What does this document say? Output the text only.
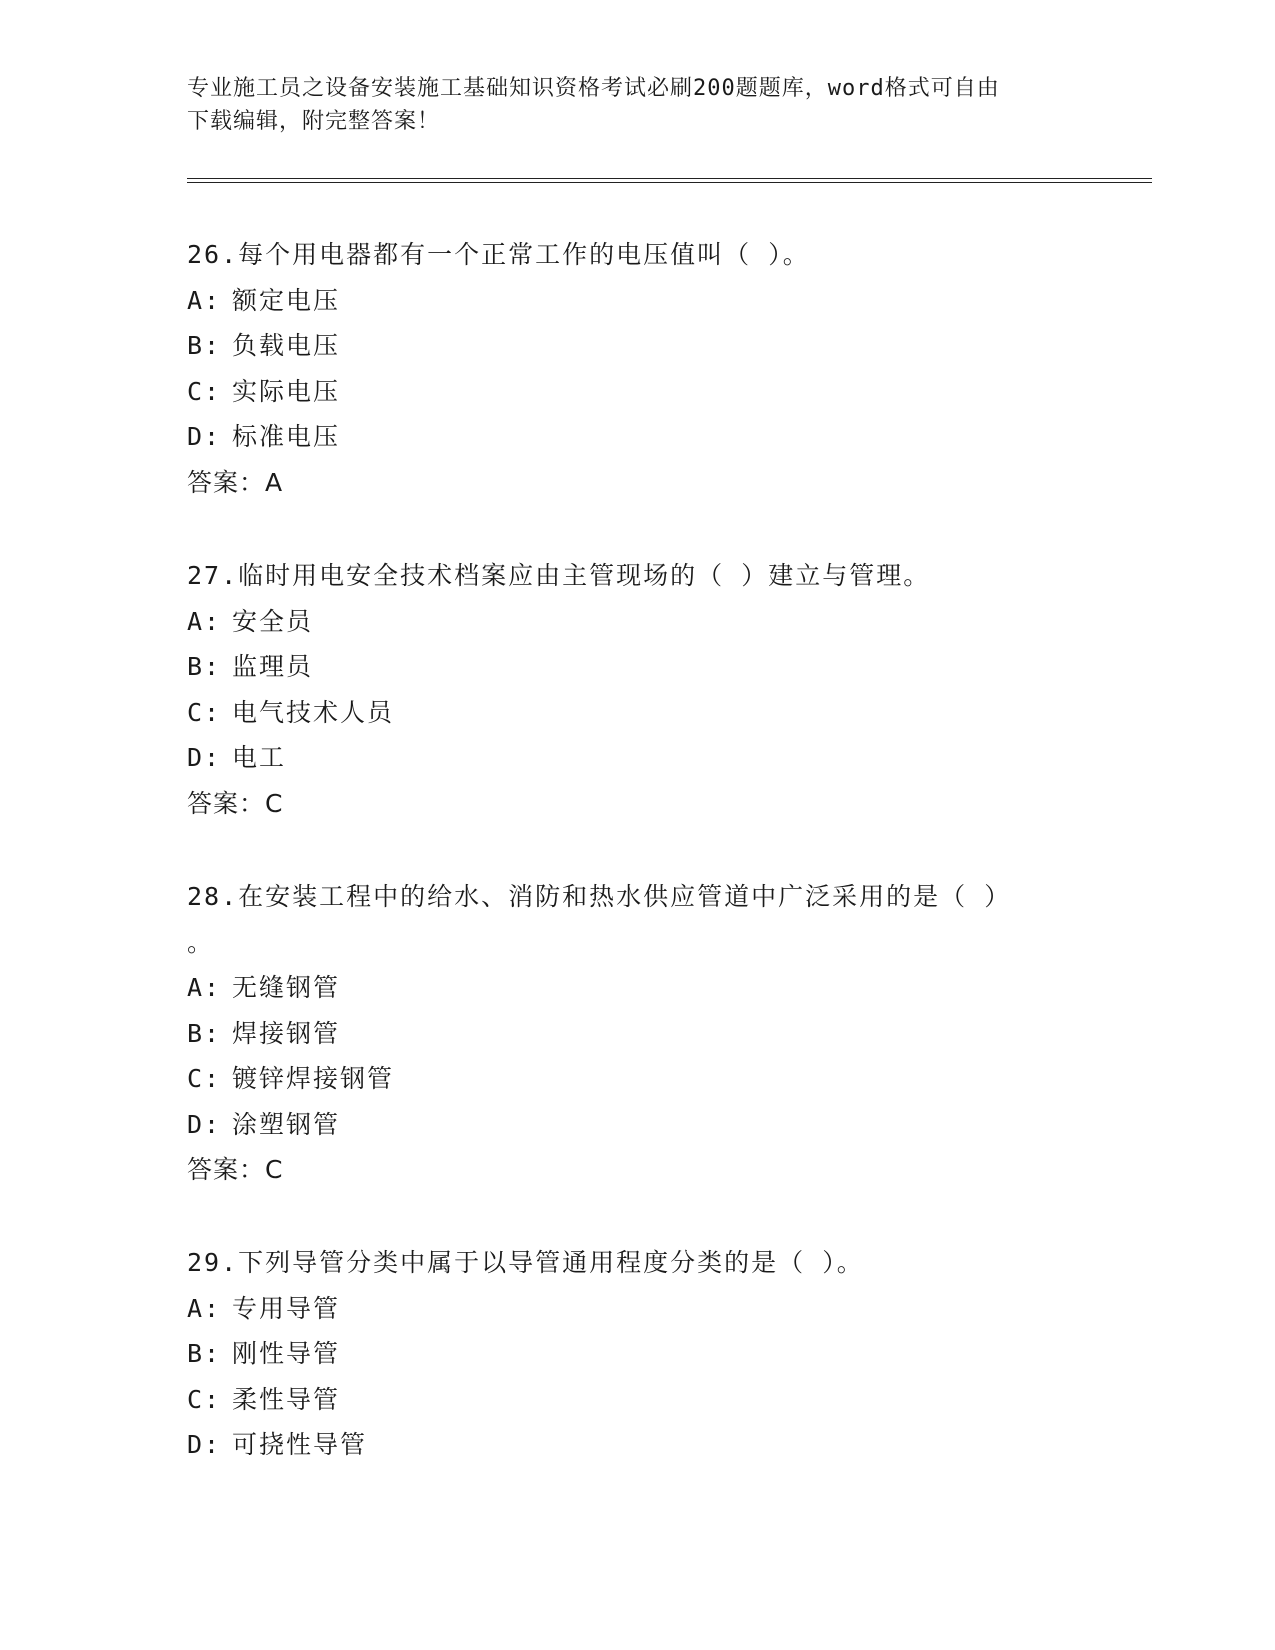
专业施工员之设备安装施工基础知识资格考试必刷200题题库，word格式可自由
下载编辑，附完整答案！
26.每个用电器都有一个正常工作的电压值叫（ ）。
A: 额定电压
B: 负载电压
C: 实际电压
D: 标准电压
答案：A
27.临时用电安全技术档案应由主管现场的（ ）建立与管理。
A: 安全员
B: 监理员
C: 电气技术人员
D: 电工
答案：C
28.在安装工程中的给水、消防和热水供应管道中广泛采用的是（ ）
。
A: 无缝钢管
B: 焊接钢管
C: 镀锌焊接钢管
D: 涂塑钢管
答案：C
29.下列导管分类中属于以导管通用程度分类的是（ ）。
A: 专用导管
B: 刚性导管
C: 柔性导管
D: 可挠性导管
